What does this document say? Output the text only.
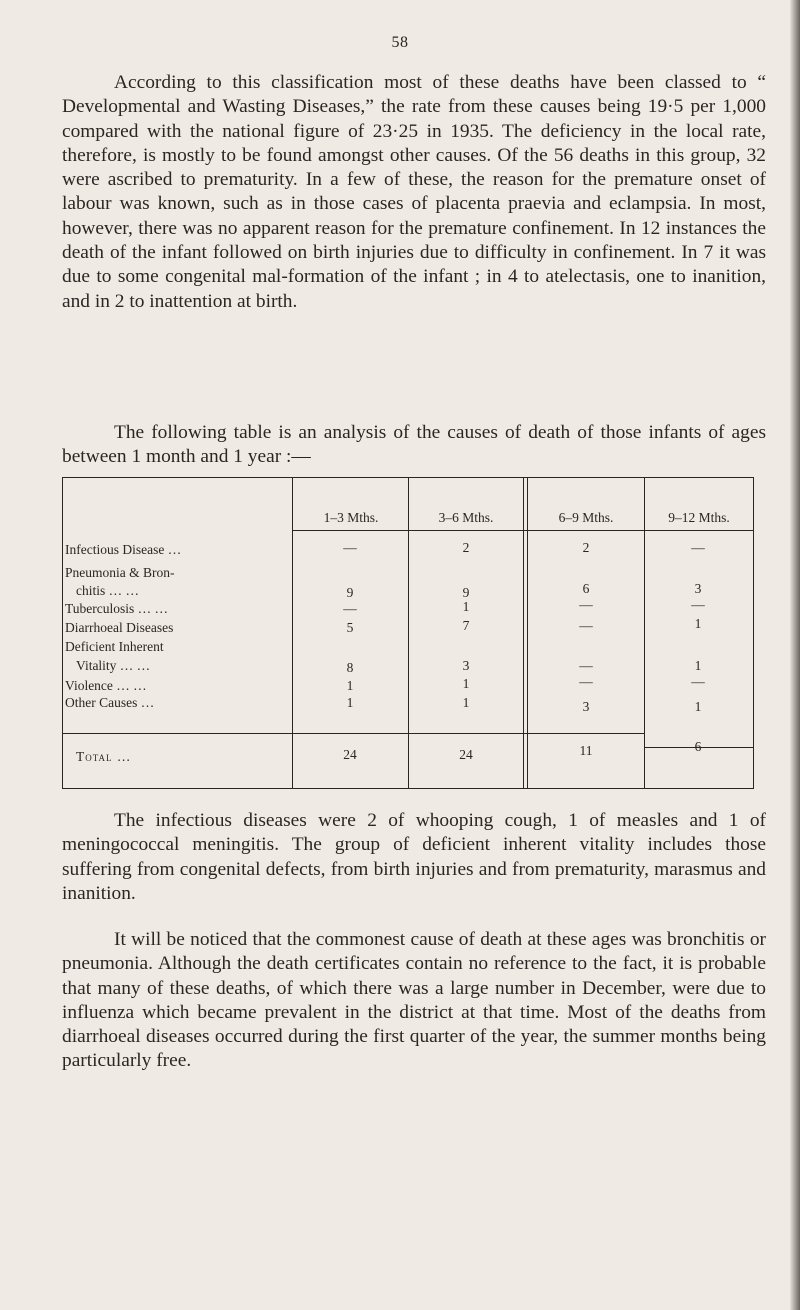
58

According to this classification most of these deaths have been classed to “ Developmental and Wasting Diseases,” the rate from these causes being 19·5 per 1,000 compared with the national figure of 23·25 in 1935. The deficiency in the local rate, therefore, is mostly to be found amongst other causes. Of the 56 deaths in this group, 32 were ascribed to prematurity. In a few of these, the reason for the premature onset of labour was known, such as in those cases of placenta praevia and eclampsia. In most, however, there was no apparent reason for the premature confinement. In 12 instances the death of the infant followed on birth injuries due to difficulty in confinement. In 7 it was due to some congenital mal-formation of the infant ; in 4 to atelectasis, one to inanition, and in 2 to inattention at birth.

The following table is an analysis of the causes of death of those infants of ages between 1 month and 1 year :—

1–3 Mths.	3–6 Mths.	6–9 Mths.	9–12 Mths.
Infectious Disease …	—	2	2	—
Pneumonia & Bron-
chitis … …	9	9	6	3
Tuberculosis … …	—	1	—	—
Diarrhoeal Diseases	5	7	—	1
Deficient Inherent
Vitality … …	8	3	—	1
Violence … …	1	1	—	—
Other Causes …	1	1	3	1
Total …	24	24	11	6

The infectious diseases were 2 of whooping cough, 1 of measles and 1 of meningococcal meningitis. The group of deficient inherent vitality includes those suffering from congenital defects, from birth injuries and from prematurity, marasmus and inanition.

It will be noticed that the commonest cause of death at these ages was bronchitis or pneumonia. Although the death certificates contain no reference to the fact, it is probable that many of these deaths, of which there was a large number in December, were due to influenza which became prevalent in the district at that time. Most of the deaths from diarrhoeal diseases occurred during the first quarter of the year, the summer months being particularly free.
